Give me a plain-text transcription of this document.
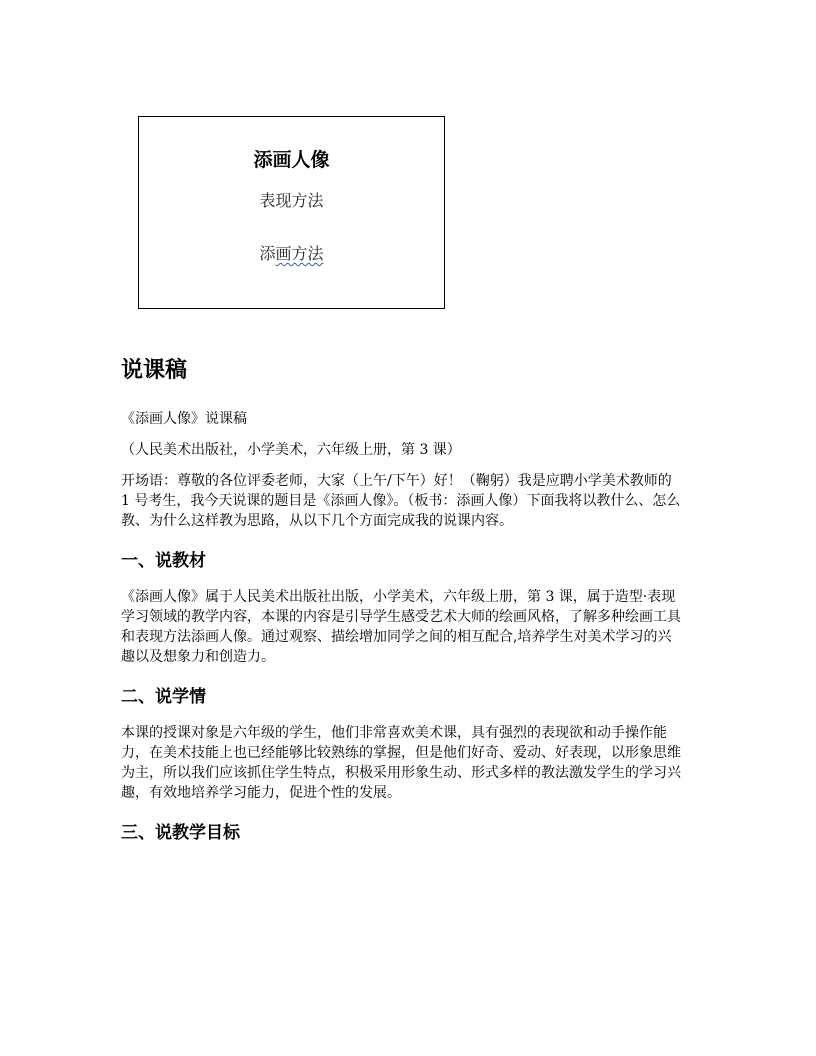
添画人像
表现方法
添画方法
说课稿

《添画人像》说课稿

（人民美术出版社，小学美术，六年级上册，第 3 课）

开场语：尊敬的各位评委老师，大家（上午/下午）好！（鞠躬）我是应聘小学美术教师的 1 号考生，我今天说课的题目是《添画人像》。（板书：添画人像）下面我将以教什么、怎么教、为什么这样教为思路，从以下几个方面完成我的说课内容。

一、说教材

《添画人像》属于人民美术出版社出版，小学美术，六年级上册，第 3 课，属于造型·表现学习领域的教学内容，本课的内容是引导学生感受艺术大师的绘画风格，了解多种绘画工具和表现方法添画人像。通过观察、描绘增加同学之间的相互配合,培养学生对美术学习的兴趣以及想象力和创造力。

二、说学情

本课的授课对象是六年级的学生，他们非常喜欢美术课，具有强烈的表现欲和动手操作能力，在美术技能上也已经能够比较熟练的掌握，但是他们好奇、爱动、好表现，以形象思维为主，所以我们应该抓住学生特点，积极采用形象生动、形式多样的教法激发学生的学习兴趣，有效地培养学习能力，促进个性的发展。

三、说教学目标
